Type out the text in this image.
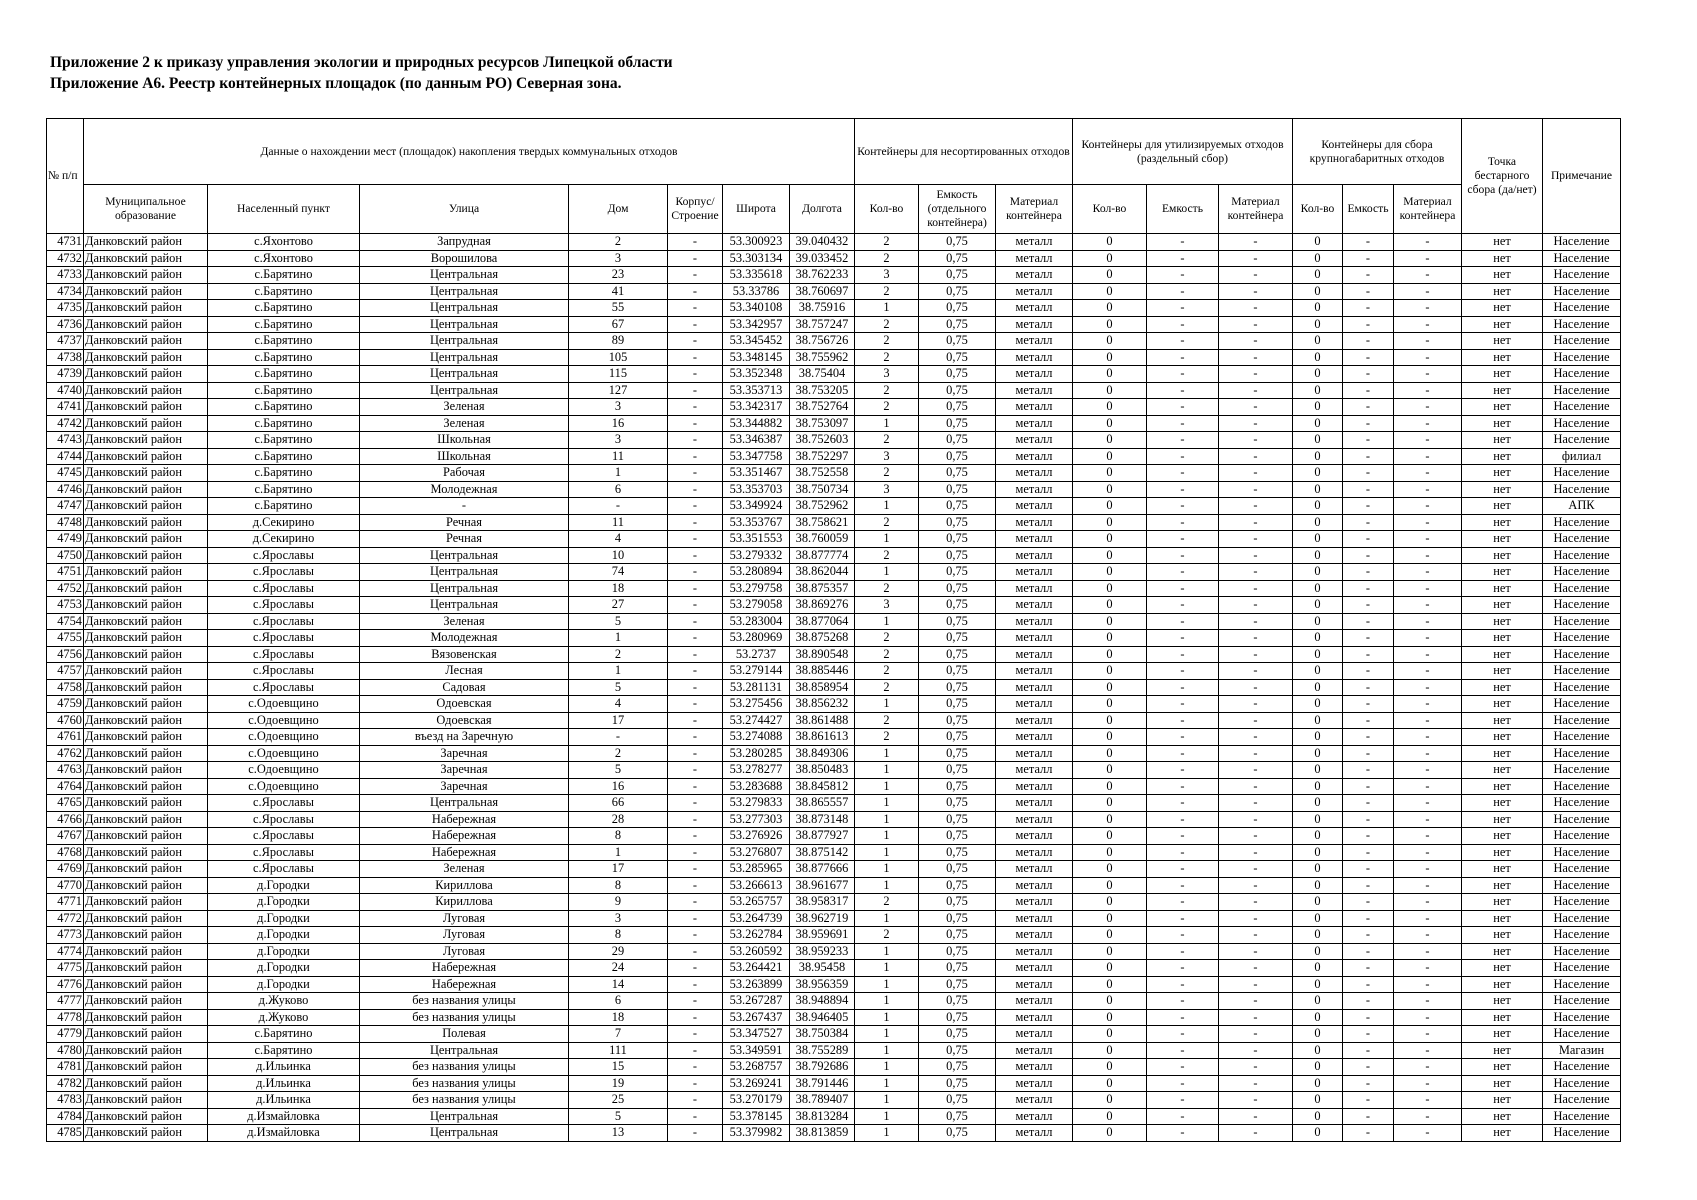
Приложение 2 к приказу управления экологии и природных ресурсов Липецкой области
Приложение А6. Реестр контейнерных площадок (по данным РО) Северная зона.
№ п/п	Данные о нахождении мест (площадок) накопления твердых коммунальных отходов							Контейнеры для несортированных отходов			Контейнеры для утилизируемых отходов (раздельный сбор)			Контейнеры для сбора крупногабаритных отходов			Точка бестарного сбора (да/нет)	Примечание
	Муниципальное образование	Населенный пункт	Улица	Дом	Корпус/ Строение	Широта	Долгота	Кол-во	Емкость (отдельного контейнера)	Материал контейнера	Кол-во	Емкость	Материал контейнера	Кол-во	Емкость	Материал контейнера		
4731	Данковский район	с.Яхонтово	Запрудная	2	-	53.300923	39.040432	2	0,75	металл	0	-	-	0	-	-	нет	Население
4732	Данковский район	с.Яхонтово	Ворошилова	3	-	53.303134	39.033452	2	0,75	металл	0	-	-	0	-	-	нет	Население
4733	Данковский район	с.Барятино	Центральная	23	-	53.335618	38.762233	3	0,75	металл	0	-	-	0	-	-	нет	Население
4734	Данковский район	с.Барятино	Центральная	41	-	53.33786	38.760697	2	0,75	металл	0	-	-	0	-	-	нет	Население
4735	Данковский район	с.Барятино	Центральная	55	-	53.340108	38.75916	1	0,75	металл	0	-	-	0	-	-	нет	Население
4736	Данковский район	с.Барятино	Центральная	67	-	53.342957	38.757247	2	0,75	металл	0	-	-	0	-	-	нет	Население
4737	Данковский район	с.Барятино	Центральная	89	-	53.345452	38.756726	2	0,75	металл	0	-	-	0	-	-	нет	Население
4738	Данковский район	с.Барятино	Центральная	105	-	53.348145	38.755962	2	0,75	металл	0	-	-	0	-	-	нет	Население
4739	Данковский район	с.Барятино	Центральная	115	-	53.352348	38.75404	3	0,75	металл	0	-	-	0	-	-	нет	Население
4740	Данковский район	с.Барятино	Центральная	127	-	53.353713	38.753205	2	0,75	металл	0	-	-	0	-	-	нет	Население
4741	Данковский район	с.Барятино	Зеленая	3	-	53.342317	38.752764	2	0,75	металл	0	-	-	0	-	-	нет	Население
4742	Данковский район	с.Барятино	Зеленая	16	-	53.344882	38.753097	1	0,75	металл	0	-	-	0	-	-	нет	Население
4743	Данковский район	с.Барятино	Школьная	3	-	53.346387	38.752603	2	0,75	металл	0	-	-	0	-	-	нет	Население
4744	Данковский район	с.Барятино	Школьная	11	-	53.347758	38.752297	3	0,75	металл	0	-	-	0	-	-	нет	филиал
4745	Данковский район	с.Барятино	Рабочая	1	-	53.351467	38.752558	2	0,75	металл	0	-	-	0	-	-	нет	Население
4746	Данковский район	с.Барятино	Молодежная	6	-	53.353703	38.750734	3	0,75	металл	0	-	-	0	-	-	нет	Население
4747	Данковский район	с.Барятино	-	-	-	53.349924	38.752962	1	0,75	металл	0	-	-	0	-	-	нет	АПК
4748	Данковский район	д.Секирино	Речная	11	-	53.353767	38.758621	2	0,75	металл	0	-	-	0	-	-	нет	Население
4749	Данковский район	д.Секирино	Речная	4	-	53.351553	38.760059	1	0,75	металл	0	-	-	0	-	-	нет	Население
4750	Данковский район	с.Ярославы	Центральная	10	-	53.279332	38.877774	2	0,75	металл	0	-	-	0	-	-	нет	Население
4751	Данковский район	с.Ярославы	Центральная	74	-	53.280894	38.862044	1	0,75	металл	0	-	-	0	-	-	нет	Население
4752	Данковский район	с.Ярославы	Центральная	18	-	53.279758	38.875357	2	0,75	металл	0	-	-	0	-	-	нет	Население
4753	Данковский район	с.Ярославы	Центральная	27	-	53.279058	38.869276	3	0,75	металл	0	-	-	0	-	-	нет	Население
4754	Данковский район	с.Ярославы	Зеленая	5	-	53.283004	38.877064	1	0,75	металл	0	-	-	0	-	-	нет	Население
4755	Данковский район	с.Ярославы	Молодежная	1	-	53.280969	38.875268	2	0,75	металл	0	-	-	0	-	-	нет	Население
4756	Данковский район	с.Ярославы	Вязовенская	2	-	53.2737	38.890548	2	0,75	металл	0	-	-	0	-	-	нет	Население
4757	Данковский район	с.Ярославы	Лесная	1	-	53.279144	38.885446	2	0,75	металл	0	-	-	0	-	-	нет	Население
4758	Данковский район	с.Ярославы	Садовая	5	-	53.281131	38.858954	2	0,75	металл	0	-	-	0	-	-	нет	Население
4759	Данковский район	с.Одоевщино	Одоевская	4	-	53.275456	38.856232	1	0,75	металл	0	-	-	0	-	-	нет	Население
4760	Данковский район	с.Одоевщино	Одоевская	17	-	53.274427	38.861488	2	0,75	металл	0	-	-	0	-	-	нет	Население
4761	Данковский район	с.Одоевщино	въезд на Заречную	-	-	53.274088	38.861613	2	0,75	металл	0	-	-	0	-	-	нет	Население
4762	Данковский район	с.Одоевщино	Заречная	2	-	53.280285	38.849306	1	0,75	металл	0	-	-	0	-	-	нет	Население
4763	Данковский район	с.Одоевщино	Заречная	5	-	53.278277	38.850483	1	0,75	металл	0	-	-	0	-	-	нет	Население
4764	Данковский район	с.Одоевщино	Заречная	16	-	53.283688	38.845812	1	0,75	металл	0	-	-	0	-	-	нет	Население
4765	Данковский район	с.Ярославы	Центральная	66	-	53.279833	38.865557	1	0,75	металл	0	-	-	0	-	-	нет	Население
4766	Данковский район	с.Ярославы	Набережная	28	-	53.277303	38.873148	1	0,75	металл	0	-	-	0	-	-	нет	Население
4767	Данковский район	с.Ярославы	Набережная	8	-	53.276926	38.877927	1	0,75	металл	0	-	-	0	-	-	нет	Население
4768	Данковский район	с.Ярославы	Набережная	1	-	53.276807	38.875142	1	0,75	металл	0	-	-	0	-	-	нет	Население
4769	Данковский район	с.Ярославы	Зеленая	17	-	53.285965	38.877666	1	0,75	металл	0	-	-	0	-	-	нет	Население
4770	Данковский район	д.Городки	Кириллова	8	-	53.266613	38.961677	1	0,75	металл	0	-	-	0	-	-	нет	Население
4771	Данковский район	д.Городки	Кириллова	9	-	53.265757	38.958317	2	0,75	металл	0	-	-	0	-	-	нет	Население
4772	Данковский район	д.Городки	Луговая	3	-	53.264739	38.962719	1	0,75	металл	0	-	-	0	-	-	нет	Население
4773	Данковский район	д.Городки	Луговая	8	-	53.262784	38.959691	2	0,75	металл	0	-	-	0	-	-	нет	Население
4774	Данковский район	д.Городки	Луговая	29	-	53.260592	38.959233	1	0,75	металл	0	-	-	0	-	-	нет	Население
4775	Данковский район	д.Городки	Набережная	24	-	53.264421	38.95458	1	0,75	металл	0	-	-	0	-	-	нет	Население
4776	Данковский район	д.Городки	Набережная	14	-	53.263899	38.956359	1	0,75	металл	0	-	-	0	-	-	нет	Население
4777	Данковский район	д.Жуково	без названия улицы	6	-	53.267287	38.948894	1	0,75	металл	0	-	-	0	-	-	нет	Население
4778	Данковский район	д.Жуково	без названия улицы	18	-	53.267437	38.946405	1	0,75	металл	0	-	-	0	-	-	нет	Население
4779	Данковский район	с.Барятино	Полевая	7	-	53.347527	38.750384	1	0,75	металл	0	-	-	0	-	-	нет	Население
4780	Данковский район	с.Барятино	Центральная	111	-	53.349591	38.755289	1	0,75	металл	0	-	-	0	-	-	нет	Магазин
4781	Данковский район	д.Ильинка	без названия улицы	15	-	53.268757	38.792686	1	0,75	металл	0	-	-	0	-	-	нет	Население
4782	Данковский район	д.Ильинка	без названия улицы	19	-	53.269241	38.791446	1	0,75	металл	0	-	-	0	-	-	нет	Население
4783	Данковский район	д.Ильинка	без названия улицы	25	-	53.270179	38.789407	1	0,75	металл	0	-	-	0	-	-	нет	Население
4784	Данковский район	д.Измайловка	Центральная	5	-	53.378145	38.813284	1	0,75	металл	0	-	-	0	-	-	нет	Население
4785	Данковский район	д.Измайловка	Центральная	13	-	53.379982	38.813859	1	0,75	металл	0	-	-	0	-	-	нет	Население
